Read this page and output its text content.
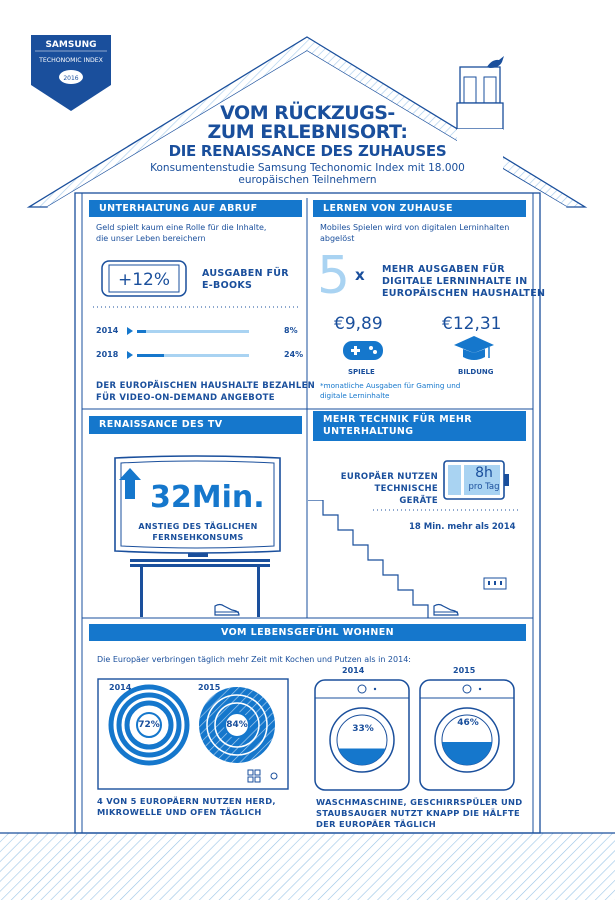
SAMSUNG
TECHONOMIC INDEX
2016
VOM RÜCKZUGS-
ZUM ERLEBNISORT:
DIE RENAISSANCE DES ZUHAUSES
Konsumentenstudie Samsung Techonomic Index mit 18.000
europäischen Teilnehmern
UNTERHALTUNG AUF ABRUF
Geld spielt kaum eine Rolle für die Inhalte,
die unser Leben bereichern
+12%	AUSGABEN FÜR
E-BOOKS
2014	8%
2018	24%
DER EUROPÄISCHEN HAUSHALTE BEZAHLEN
FÜR VIDEO-ON-DEMAND ANGEBOTE
LERNEN VON ZUHAUSE
Mobiles Spielen wird von digitalen Lerninhalten
abgelöst
5 x MEHR AUSGABEN FÜR
DIGITALE LERNINHALTE IN
EUROPÄISCHEN HAUSHALTEN
€9,89	€12,31
SPIELE	BILDUNG
*monatliche Ausgaben für Gaming und
digitale Lerninhalte
RENAISSANCE DES TV
32Min.
ANSTIEG DES TÄGLICHEN
FERNSEHKONSUMS
MEHR TECHNIK FÜR MEHR
UNTERHALTUNG
EUROPÄER NUTZEN
TECHNISCHE GERÄTE
8h
pro Tag
18 Min. mehr als 2014
VOM LEBENSGEFÜHL WOHNEN
Die Europäer verbringen täglich mehr Zeit mit Kochen und Putzen als in 2014:
2014	2015
72%	84%
4 VON 5 EUROPÄERN NUTZEN HERD,
MIKROWELLE UND OFEN TÄGLICH
2014	2015
33%
46%
WASCHMASCHINE, GESCHIRRSPÜLER UND
STAUBSAUGER NUTZT KNAPP DIE HÄLFTE
DER EUROPÄER TÄGLICH
